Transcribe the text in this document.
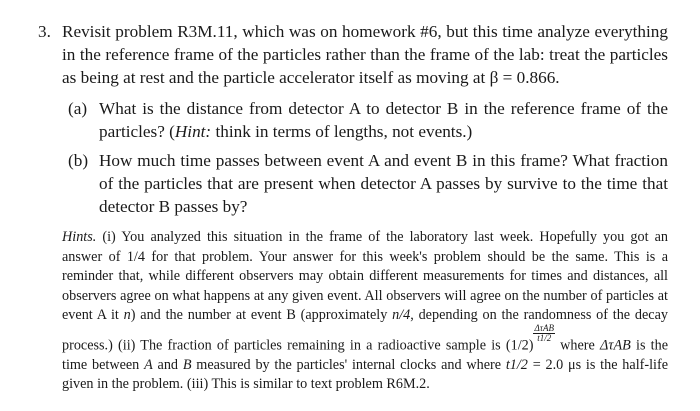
3. Revisit problem R3M.11, which was on homework #6, but this time analyze everything in the reference frame of the particles rather than the frame of the lab: treat the particles as being at rest and the particle accelerator itself as moving at β = 0.866.
(a) What is the distance from detector A to detector B in the reference frame of the particles? (Hint: think in terms of lengths, not events.)
(b) How much time passes between event A and event B in this frame? What fraction of the particles that are present when detector A passes by survive to the time that detector B passes by?
Hints. (i) You analyzed this situation in the frame of the laboratory last week. Hopefully you got an answer of 1/4 for that problem. Your answer for this week's problem should be the same. This is a reminder that, while different observers may obtain different measurements for times and distances, all observers agree on what happens at any given event. All observers will agree on the number of particles at event A it n) and the number at event B (approximately n/4, depending on the randomness of the decay process.) (ii) The fraction of particles remaining in a radioactive sample is (1/2)
$\frac{\text{ΔτAB}}{t1/2}$
where ΔτAB is the time between A and B measured by the particles' internal clocks and where t1/2 = 2.0 μs is the half-life given in the problem. (iii) This is similar to text problem R6M.2.
